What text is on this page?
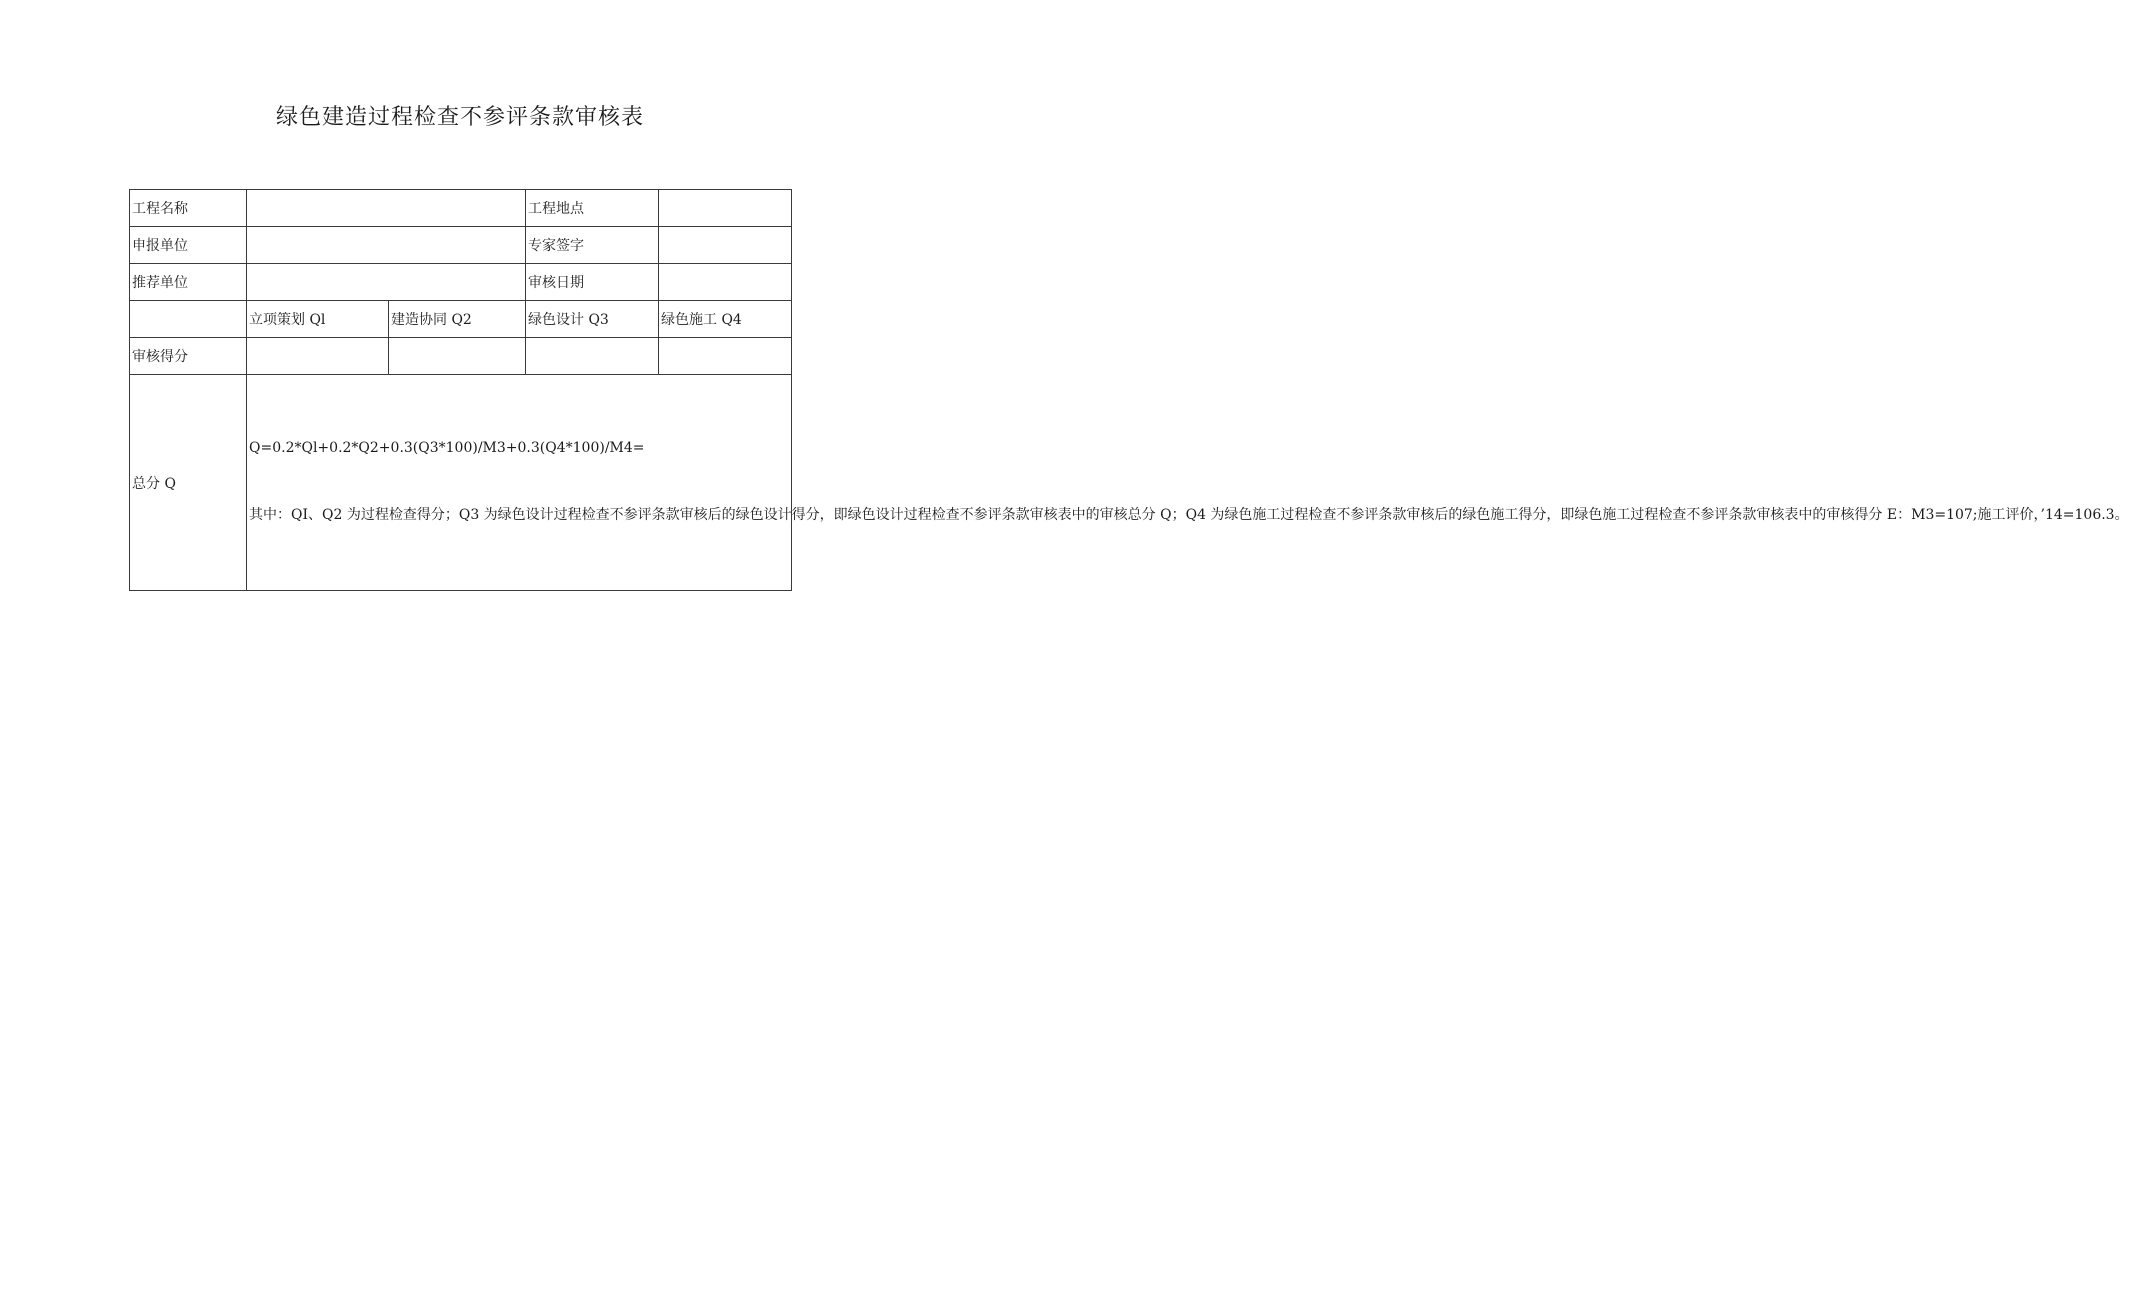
绿色建造过程检查不参评条款审核表
工程名称			工程地点	
申报单位			专家签字	
推荐单位			审核日期	
	立项策划 Ql	建造协同 Q2	绿色设计 Q3	绿色施工 Q4
审核得分				
总分 Q	Q=0.2*Ql+0.2*Q2+0.3(Q3*100)/M3+0.3(Q4*100)/M4=
其中：QI、Q2 为过程检查得分；Q3 为绿色设计过程检查不参评条款审核后的绿色设计得分，即绿色设计过程检查不参评条款审核表中的审核总分 Q；Q4 为绿色施工过程检查不参评条款审核后的绿色施工得分，即绿色施工过程检查不参评条款审核表中的审核得分 E：M3=107;施工评价，’14=106.3。			
